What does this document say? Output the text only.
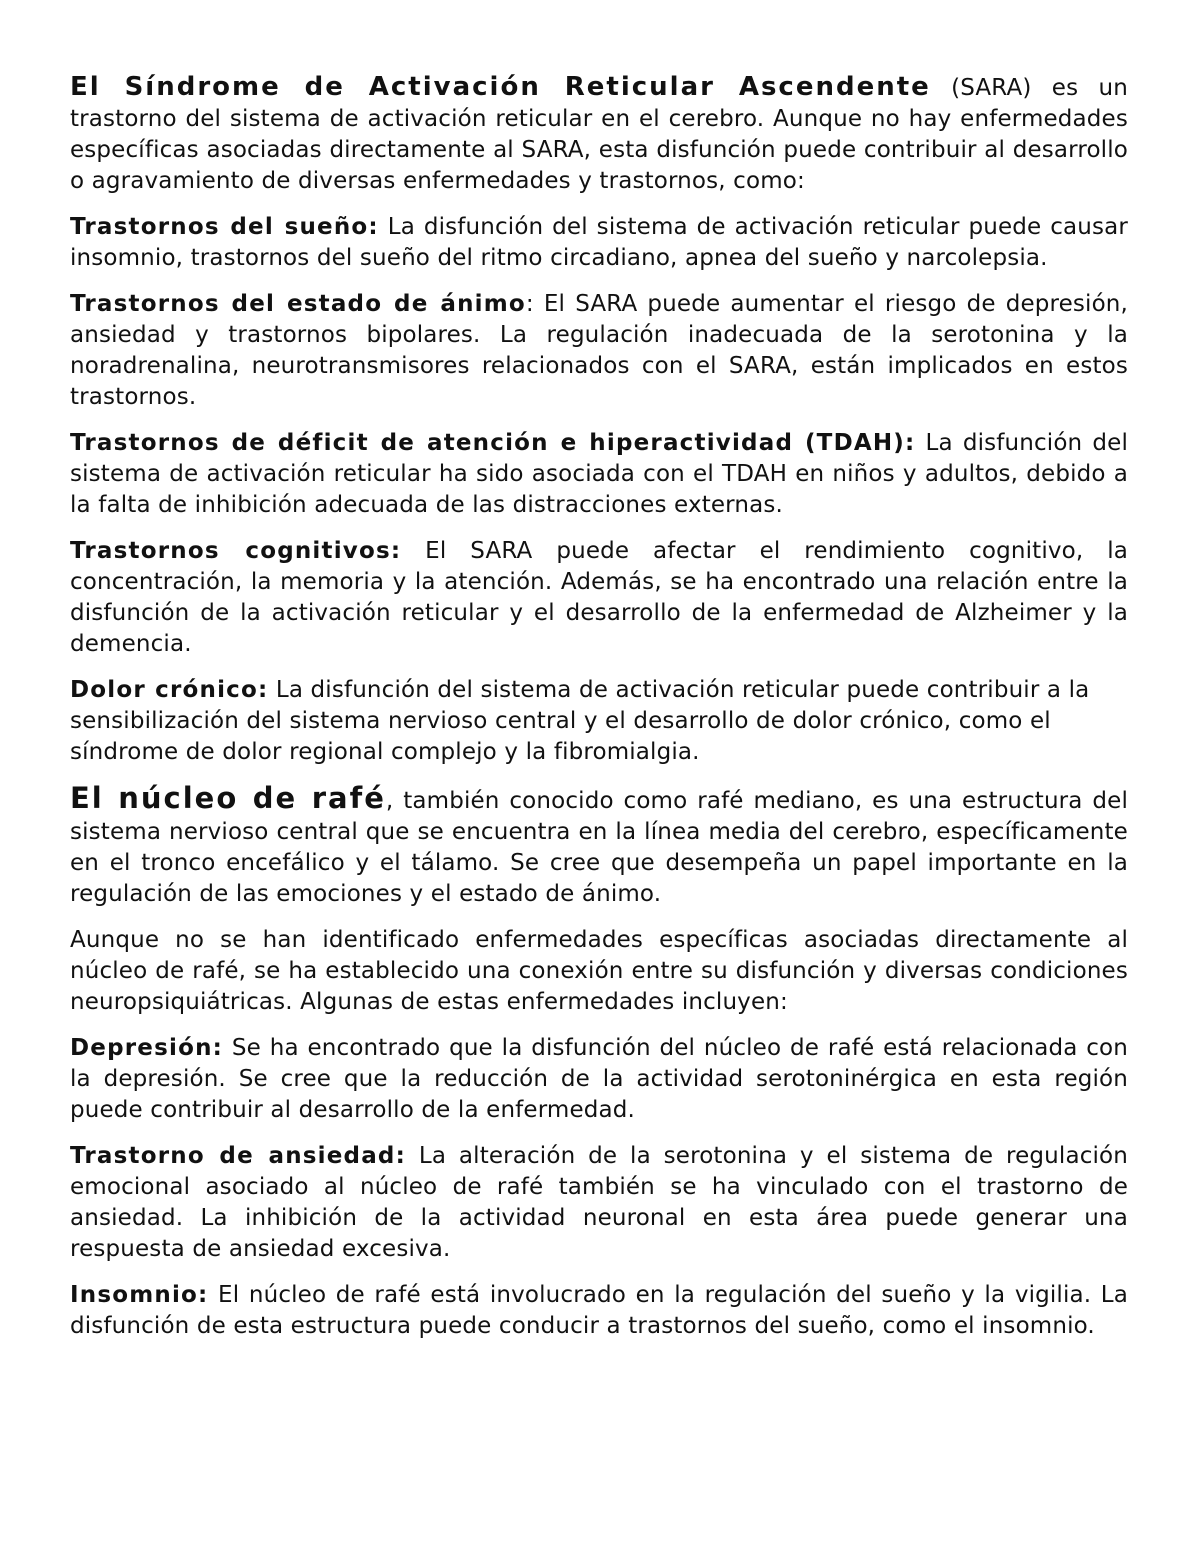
El Síndrome de Activación Reticular Ascendente (SARA) es un trastorno del sistema de activación reticular en el cerebro. Aunque no hay enfermedades específicas asociadas directamente al SARA, esta disfunción puede contribuir al desarrollo o agravamiento de diversas enfermedades y trastornos, como:

Trastornos del sueño: La disfunción del sistema de activación reticular puede causar insomnio, trastornos del sueño del ritmo circadiano, apnea del sueño y narcolepsia.

Trastornos del estado de ánimo: El SARA puede aumentar el riesgo de depresión, ansiedad y trastornos bipolares. La regulación inadecuada de la serotonina y la noradrenalina, neurotransmisores relacionados con el SARA, están implicados en estos trastornos.

Trastornos de déficit de atención e hiperactividad (TDAH): La disfunción del sistema de activación reticular ha sido asociada con el TDAH en niños y adultos, debido a la falta de inhibición adecuada de las distracciones externas.

Trastornos cognitivos: El SARA puede afectar el rendimiento cognitivo, la concentración, la memoria y la atención. Además, se ha encontrado una relación entre la disfunción de la activación reticular y el desarrollo de la enfermedad de Alzheimer y la demencia.

Dolor crónico: La disfunción del sistema de activación reticular puede contribuir a la sensibilización del sistema nervioso central y el desarrollo de dolor crónico, como el síndrome de dolor regional complejo y la fibromialgia.

El núcleo de rafé, también conocido como rafé mediano, es una estructura del sistema nervioso central que se encuentra en la línea media del cerebro, específicamente en el tronco encefálico y el tálamo. Se cree que desempeña un papel importante en la regulación de las emociones y el estado de ánimo.

Aunque no se han identificado enfermedades específicas asociadas directamente al núcleo de rafé, se ha establecido una conexión entre su disfunción y diversas condiciones neuropsiquiátricas. Algunas de estas enfermedades incluyen:

Depresión: Se ha encontrado que la disfunción del núcleo de rafé está relacionada con la depresión. Se cree que la reducción de la actividad serotoninérgica en esta región puede contribuir al desarrollo de la enfermedad.

Trastorno de ansiedad: La alteración de la serotonina y el sistema de regulación emocional asociado al núcleo de rafé también se ha vinculado con el trastorno de ansiedad. La inhibición de la actividad neuronal en esta área puede generar una respuesta de ansiedad excesiva.

Insomnio: El núcleo de rafé está involucrado en la regulación del sueño y la vigilia. La disfunción de esta estructura puede conducir a trastornos del sueño, como el insomnio.
